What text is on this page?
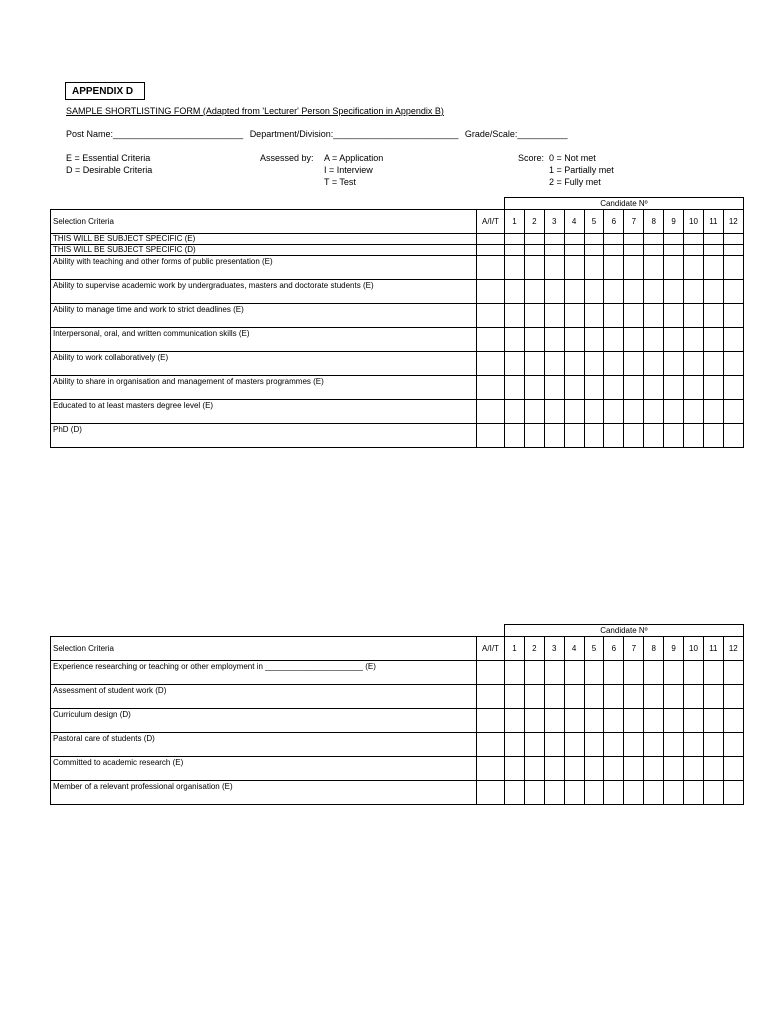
APPENDIX D
SAMPLE SHORTLISTING FORM (Adapted from 'Lecturer' Person Specification in Appendix B)
Post Name:__________________________ Department/Division:_________________________ Grade/Scale:__________
E = Essential Criteria
D = Desirable Criteria
Assessed by: A = Application
I = Interview
T = Test
Score: 0 = Not met
1 = Partially met
2 = Fully met
		Candidate Nº											
Selection Criteria	A/I/T	1	2	3	4	5	6	7	8	9	10	11	12
THIS WILL BE SUBJECT SPECIFIC (E)													
THIS WILL BE SUBJECT SPECIFIC (D)													
Ability with teaching and other forms of public presentation (E)													
Ability to supervise academic work by undergraduates, masters and doctorate students (E)													
Ability to manage time and work to strict deadlines (E)													
Interpersonal, oral, and written communication skills (E)													
Ability to work collaboratively (E)													
Ability to share in organisation and management of masters programmes (E)													
Educated to at least masters degree level (E)													
PhD (D)													
		Candidate Nº											
Selection Criteria	A/I/T	1	2	3	4	5	6	7	8	9	10	11	12
Experience researching or teaching or other employment in ______________________ (E)													
Assessment of student work (D)													
Curriculum design (D)													
Pastoral care of students (D)													
Committed to academic research (E)													
Member of a relevant professional organisation (E)													
